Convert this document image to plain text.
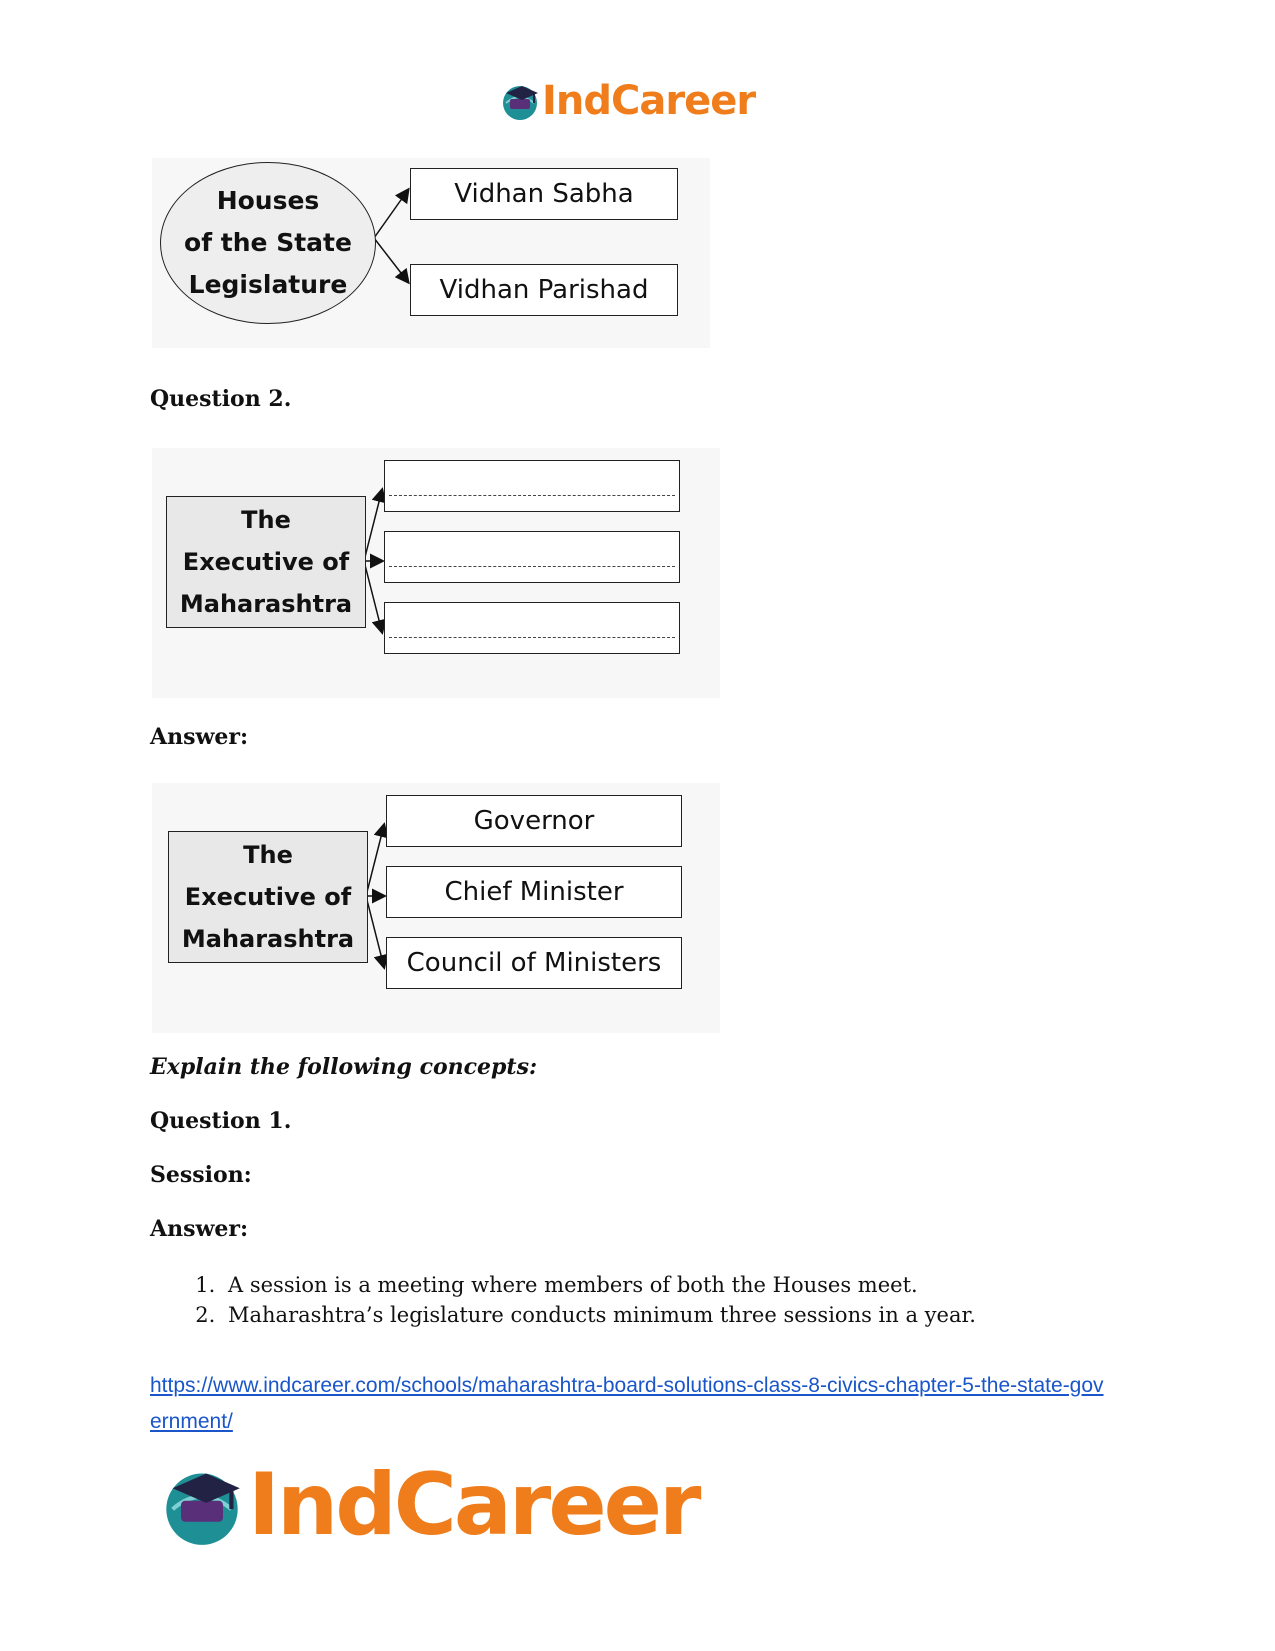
IndCareer
Houses
of the State
Legislature
Vidhan Sabha
Vidhan Parishad
Question 2.
The
Executive of
Maharashtra
Answer:
The
Executive of
Maharashtra
Governor
Chief Minister
Council of Ministers
Explain the following concepts:
Question 1.
Session:
Answer:
1. A session is a meeting where members of both the Houses meet.
2. Maharashtra’s legislature conducts minimum three sessions in a year.
https://www.indcareer.com/schools/maharashtra-board-solutions-class-8-civics-chapter-5-the-state-government/
IndCareer
